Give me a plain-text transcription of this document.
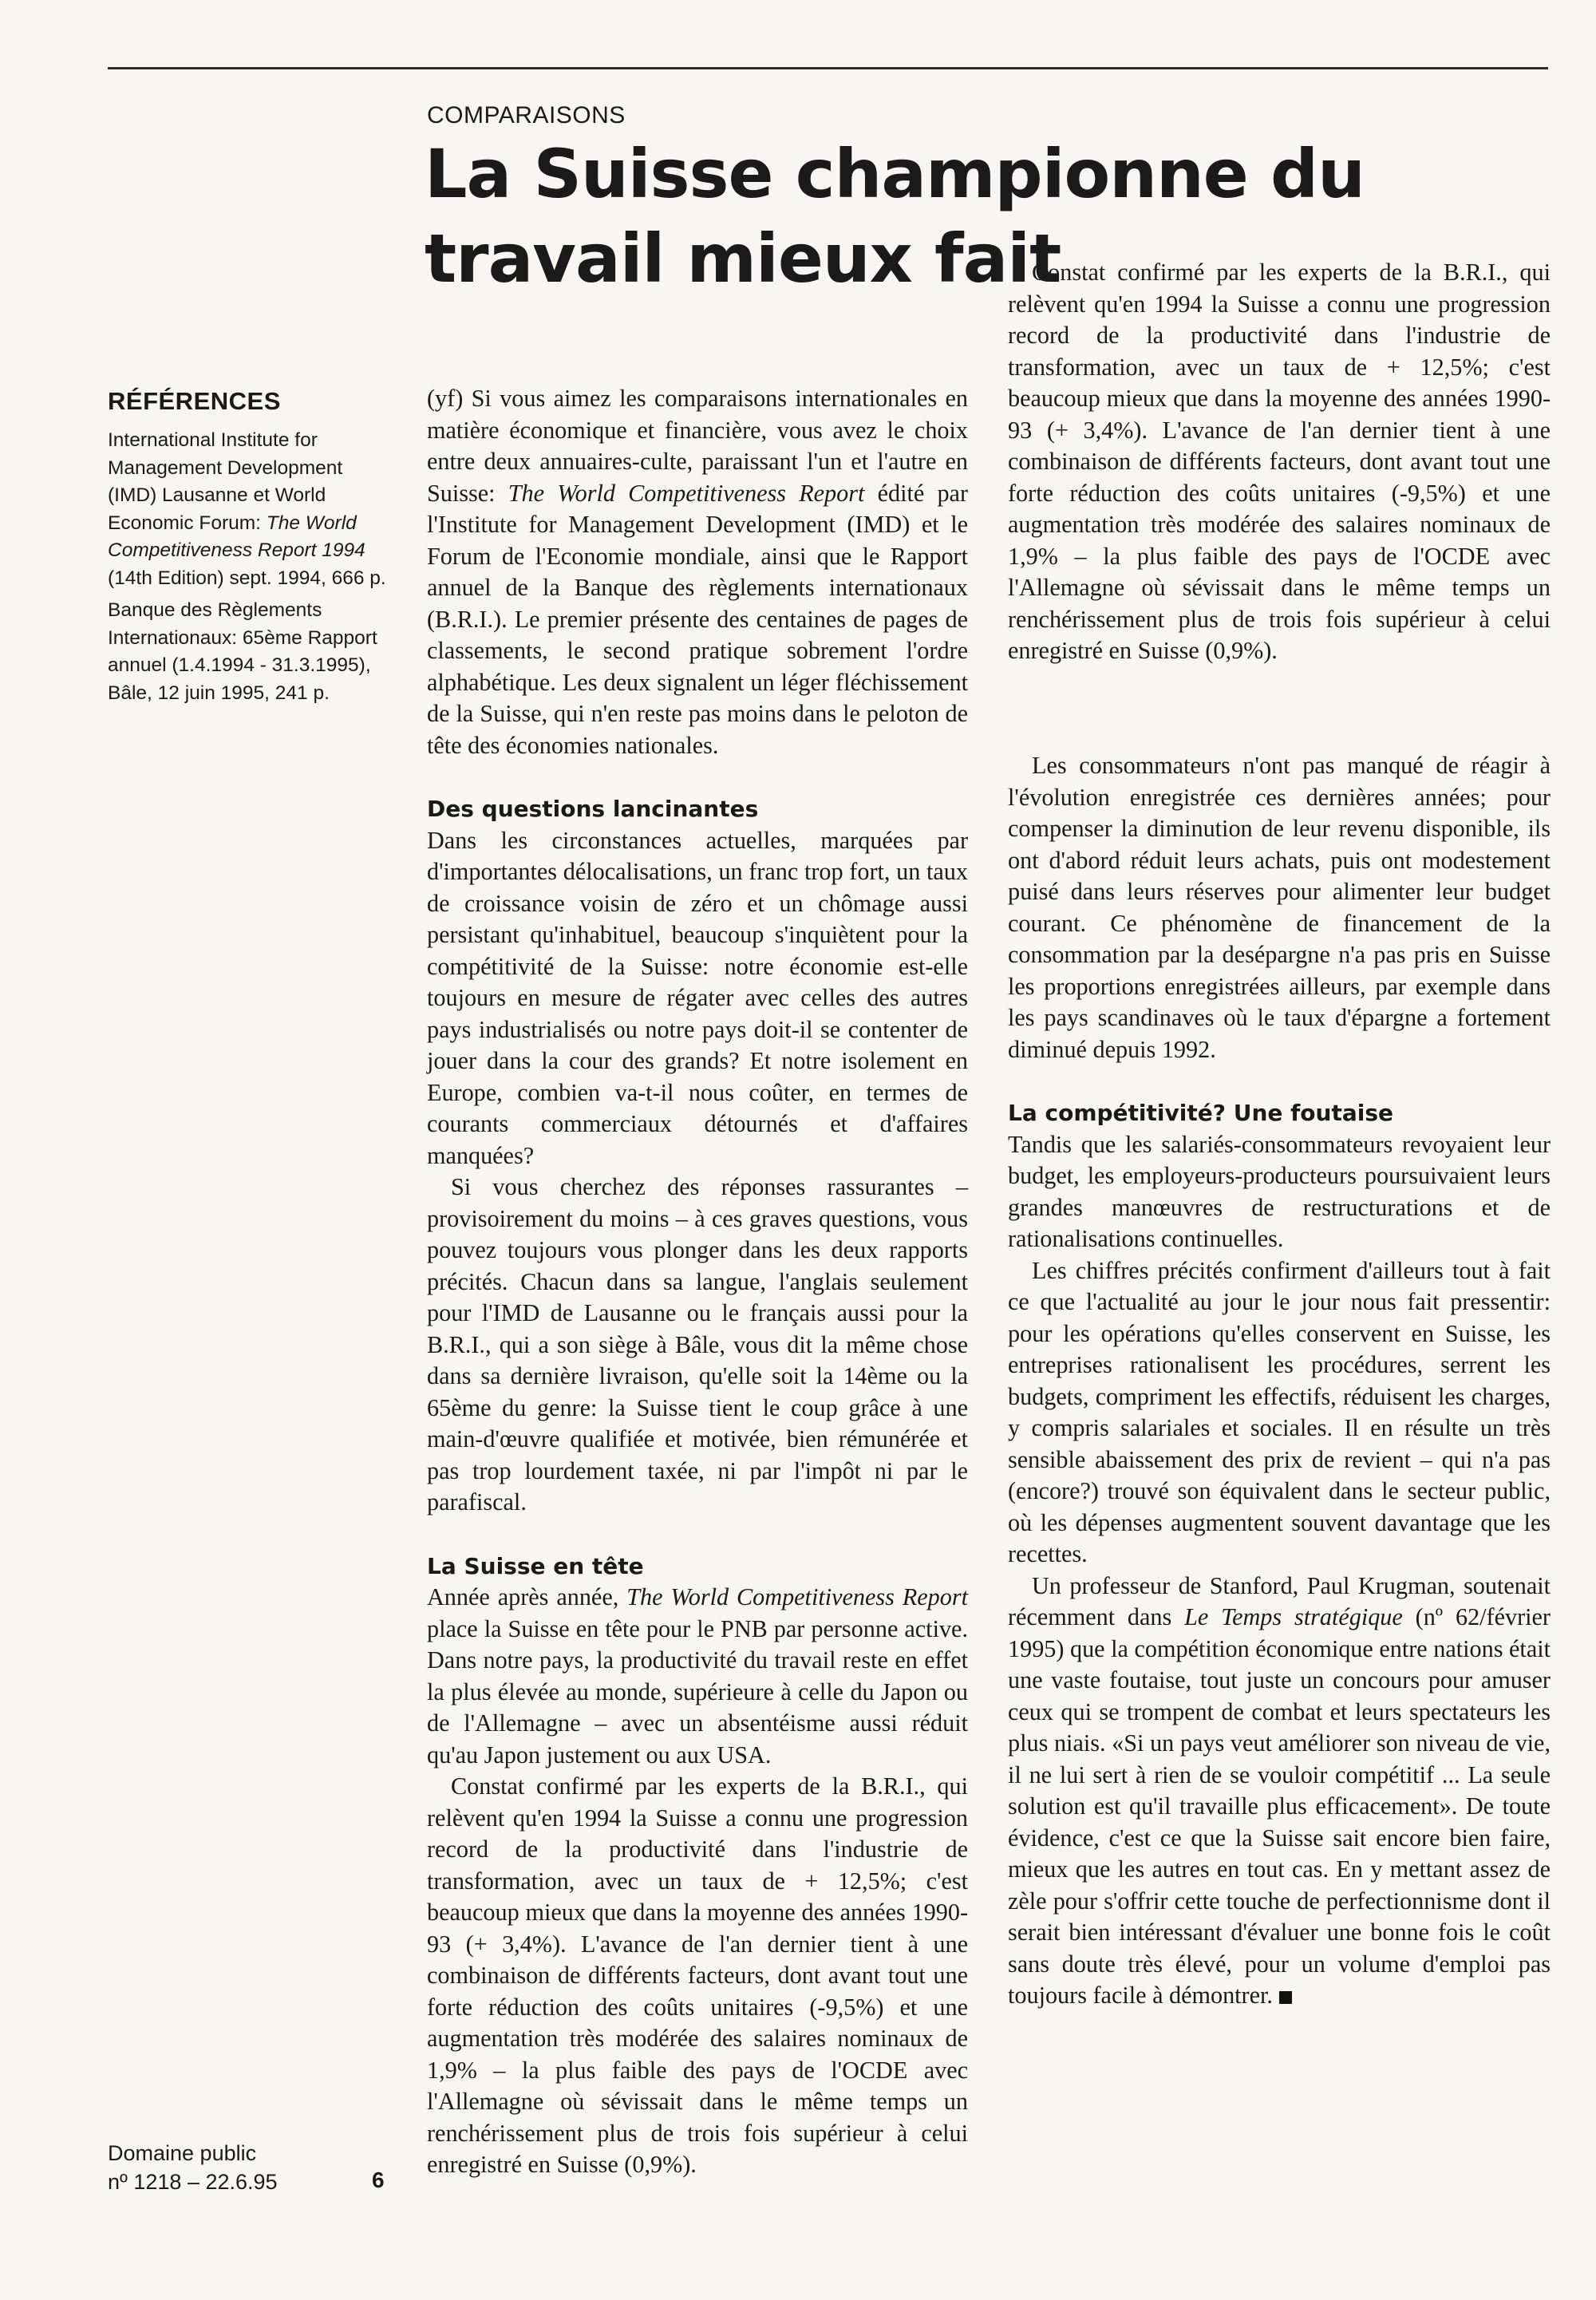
COMPARAISONS
La Suisse championne du travail mieux fait
RÉFÉRENCES

International Institute for Management Development (IMD) Lausanne et World Economic Forum: The World Competitiveness Report 1994 (14th Edition) sept. 1994, 666 p.

Banque des Règlements Internationaux: 65ème Rapport annuel (1.4.1994 - 31.3.1995), Bâle, 12 juin 1995, 241 p.

Domaine public
nº 1218 – 22.6.95	6

(yf) Si vous aimez les comparaisons internationales en matière économique et financière, vous avez le choix entre deux annuaires-culte, paraissant l'un et l'autre en Suisse: The World Competitiveness Report édité par l'Institute for Management Development (IMD) et le Forum de l'Economie mondiale, ainsi que le Rapport annuel de la Banque des règlements internationaux (B.R.I.). Le premier présente des centaines de pages de classements, le second pratique sobrement l'ordre alphabétique. Les deux signalent un léger fléchissement de la Suisse, qui n'en reste pas moins dans le peloton de tête des économies nationales.

Des questions lancinantes

Dans les circonstances actuelles, marquées par d'importantes délocalisations, un franc trop fort, un taux de croissance voisin de zéro et un chômage aussi persistant qu'inhabituel, beaucoup s'inquiètent pour la compétitivité de la Suisse: notre économie est-elle toujours en mesure de régater avec celles des autres pays industrialisés ou notre pays doit-il se contenter de jouer dans la cour des grands? Et notre isolement en Europe, combien va-t-il nous coûter, en termes de courants commerciaux détournés et d'affaires manquées?

Si vous cherchez des réponses rassurantes – provisoirement du moins – à ces graves questions, vous pouvez toujours vous plonger dans les deux rapports précités. Chacun dans sa langue, l'anglais seulement pour l'IMD de Lausanne ou le français aussi pour la B.R.I., qui a son siège à Bâle, vous dit la même chose dans sa dernière livraison, qu'elle soit la 14ème ou la 65ème du genre: la Suisse tient le coup grâce à une main-d'œuvre qualifiée et motivée, bien rémunérée et pas trop lourdement taxée, ni par l'impôt ni par le parafiscal.

La Suisse en tête

Année après année, The World Competitiveness Report place la Suisse en tête pour le PNB par personne active. Dans notre pays, la productivité du travail reste en effet la plus élevée au monde, supérieure à celle du Japon ou de l'Allemagne – avec un absentéisme aussi réduit qu'au Japon justement ou aux USA.

Constat confirmé par les experts de la B.R.I., qui relèvent qu'en 1994 la Suisse a connu une progression record de la productivité dans l'industrie de transformation, avec un taux de + 12,5%; c'est beaucoup mieux que dans la moyenne des années 1990-93 (+ 3,4%). L'avance de l'an dernier tient à une combinaison de différents facteurs, dont avant tout une forte réduction des coûts unitaires (-9,5%) et une augmentation très modérée des salaires nominaux de 1,9% – la plus faible des pays de l'OCDE avec l'Allemagne où sévissait dans le même temps un renchérissement plus de trois fois supérieur à celui enregistré en Suisse (0,9%).

Constat confirmé par les experts de la B.R.I., qui relèvent qu'en 1994 la Suisse a connu une progression record de la productivité dans l'industrie de transformation, avec un taux de + 12,5%; c'est beaucoup mieux que dans la moyenne des années 1990-93 (+ 3,4%). L'avance de l'an dernier tient à une combinaison de différents facteurs, dont avant tout une forte réduction des coûts unitaires (-9,5%) et une augmentation très modérée des salaires nominaux de 1,9% – la plus faible des pays de l'OCDE avec l'Allemagne où sévissait dans le même temps un renchérissement plus de trois fois supérieur à celui enregistré en Suisse (0,9%).

Les consommateurs n'ont pas manqué de réagir à l'évolution enregistrée ces dernières années; pour compenser la diminution de leur revenu disponible, ils ont d'abord réduit leurs achats, puis ont modestement puisé dans leurs réserves pour alimenter leur budget courant. Ce phénomène de financement de la consommation par la desépargne n'a pas pris en Suisse les proportions enregistrées ailleurs, par exemple dans les pays scandinaves où le taux d'épargne a fortement diminué depuis 1992.

La compétitivité? Une foutaise

Tandis que les salariés-consommateurs revoyaient leur budget, les employeurs-producteurs poursuivaient leurs grandes manœuvres de restructurations et de rationalisations continuelles.

Les chiffres précités confirment d'ailleurs tout à fait ce que l'actualité au jour le jour nous fait pressentir: pour les opérations qu'elles conservent en Suisse, les entreprises rationalisent les procédures, serrent les budgets, compriment les effectifs, réduisent les charges, y compris salariales et sociales. Il en résulte un très sensible abaissement des prix de revient – qui n'a pas (encore?) trouvé son équivalent dans le secteur public, où les dépenses augmentent souvent davantage que les recettes.

Un professeur de Stanford, Paul Krugman, soutenait récemment dans Le Temps stratégique (nº 62/février 1995) que la compétition économique entre nations était une vaste foutaise, tout juste un concours pour amuser ceux qui se trompent de combat et leurs spectateurs les plus niais. «Si un pays veut améliorer son niveau de vie, il ne lui sert à rien de se vouloir compétitif ... La seule solution est qu'il travaille plus efficacement». De toute évidence, c'est ce que la Suisse sait encore bien faire, mieux que les autres en tout cas. En y mettant assez de zèle pour s'offrir cette touche de perfectionnisme dont il serait bien intéressant d'évaluer une bonne fois le coût sans doute très élevé, pour un volume d'emploi pas toujours facile à démontrer.
